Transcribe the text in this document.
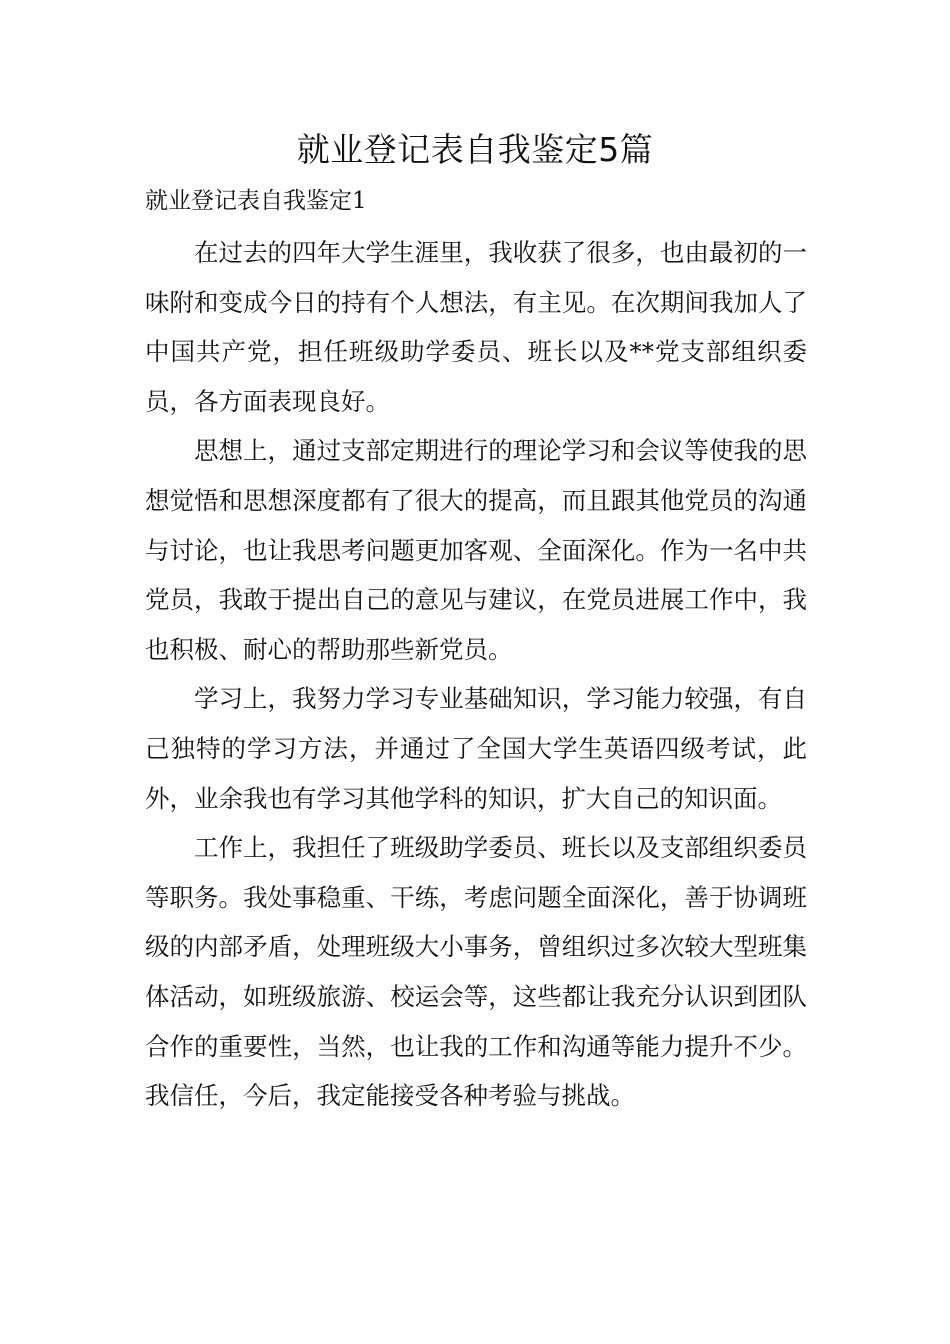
就业登记表自我鉴定5篇
就业登记表自我鉴定1

在过去的四年大学生涯里，我收获了很多，也由最初的一味附和变成今日的持有个人想法，有主见。在次期间我加人了中国共产党，担任班级助学委员、班长以及**党支部组织委员，各方面表现良好。

思想上，通过支部定期进行的理论学习和会议等使我的思想觉悟和思想深度都有了很大的提高，而且跟其他党员的沟通与讨论，也让我思考问题更加客观、全面深化。作为一名中共党员，我敢于提出自己的意见与建议，在党员进展工作中，我也积极、耐心的帮助那些新党员。

学习上，我努力学习专业基础知识，学习能力较强，有自己独特的学习方法，并通过了全国大学生英语四级考试，此外，业余我也有学习其他学科的知识，扩大自己的知识面。

工作上，我担任了班级助学委员、班长以及支部组织委员等职务。我处事稳重、干练，考虑问题全面深化，善于协调班级的内部矛盾，处理班级大小事务，曾组织过多次较大型班集体活动，如班级旅游、校运会等，这些都让我充分认识到团队合作的重要性，当然，也让我的工作和沟通等能力提升不少。我信任，今后，我定能接受各种考验与挑战。
